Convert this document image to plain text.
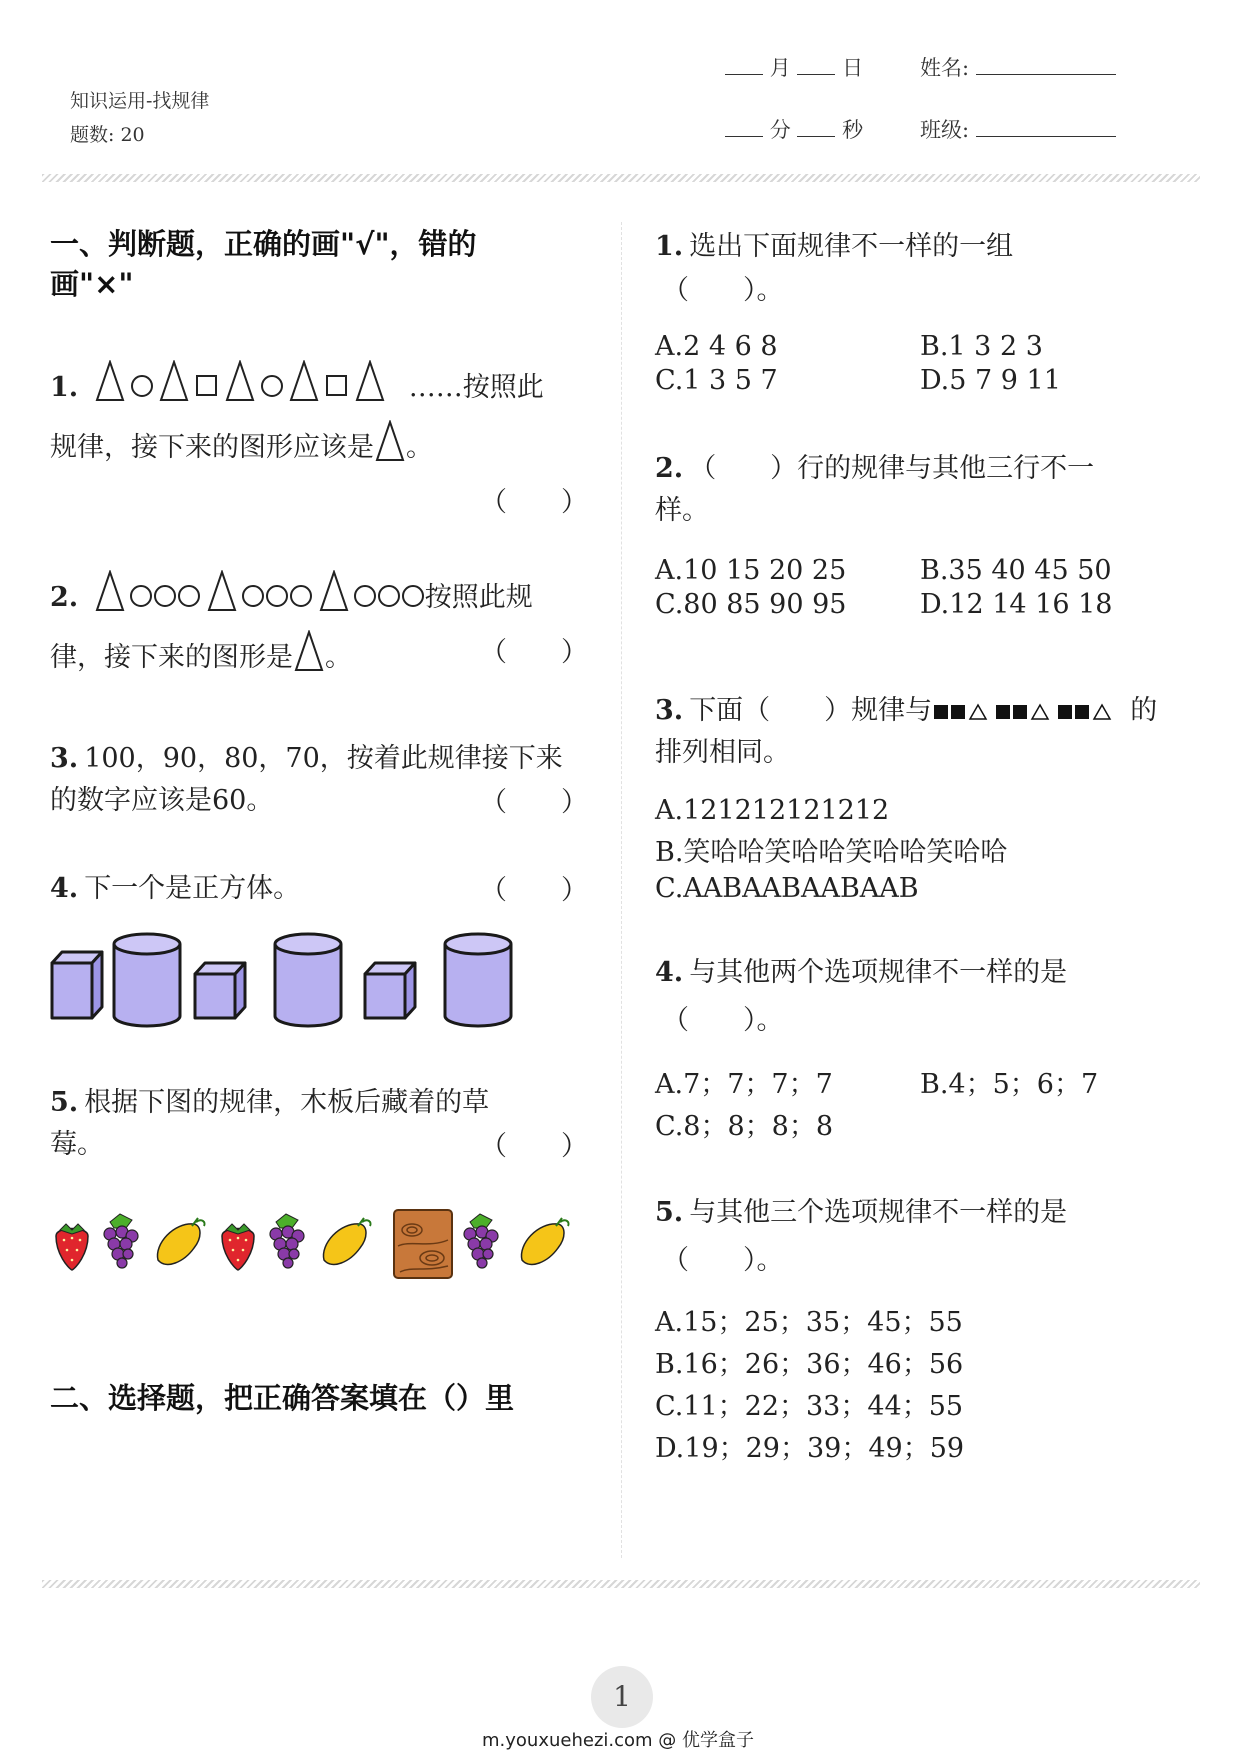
知识运用-找规律
题数: 20
月 日	姓名:
分 秒	班级:
一、判断题，正确的画"√"，错的画"×"
1.	……按照此
规律，接下来的图形应该是 。
（　　）
2.	按照此规
律，接下来的图形是 。	（　　）
3. 100，90，80，70，按着此规律接下来
的数字应该是60。	（　　）
4. 下一个是正方体。	（　　）
5. 根据下图的规律，木板后藏着的草
莓。	（　　）
二、选择题，把正确答案填在（）里
1. 选出下面规律不一样的一组
（　　）。
A.2 4 6 8	B.1 3 2 3
C.1 3 5 7	D.5 7 9 11
2. （　　）行的规律与其他三行不一
样。
A.10 15 20 25	B.35 40 45 50
C.80 85 90 95	D.12 14 16 18
3. 下面（　　）规律与	的
排列相同。
A.121212121212
B.笑哈哈笑哈哈笑哈哈笑哈哈
C.AABAABAABAAB
4. 与其他两个选项规律不一样的是
（　　）。
A.7；7；7；7	B.4；5；6；7
C.8；8；8；8
5. 与其他三个选项规律不一样的是
（　　）。
A.15；25；35；45；55
B.16；26；36；46；56
C.11；22；33；44；55
D.19；29；39；49；59
1
m.youxuehezi.com @ 优学盒子
